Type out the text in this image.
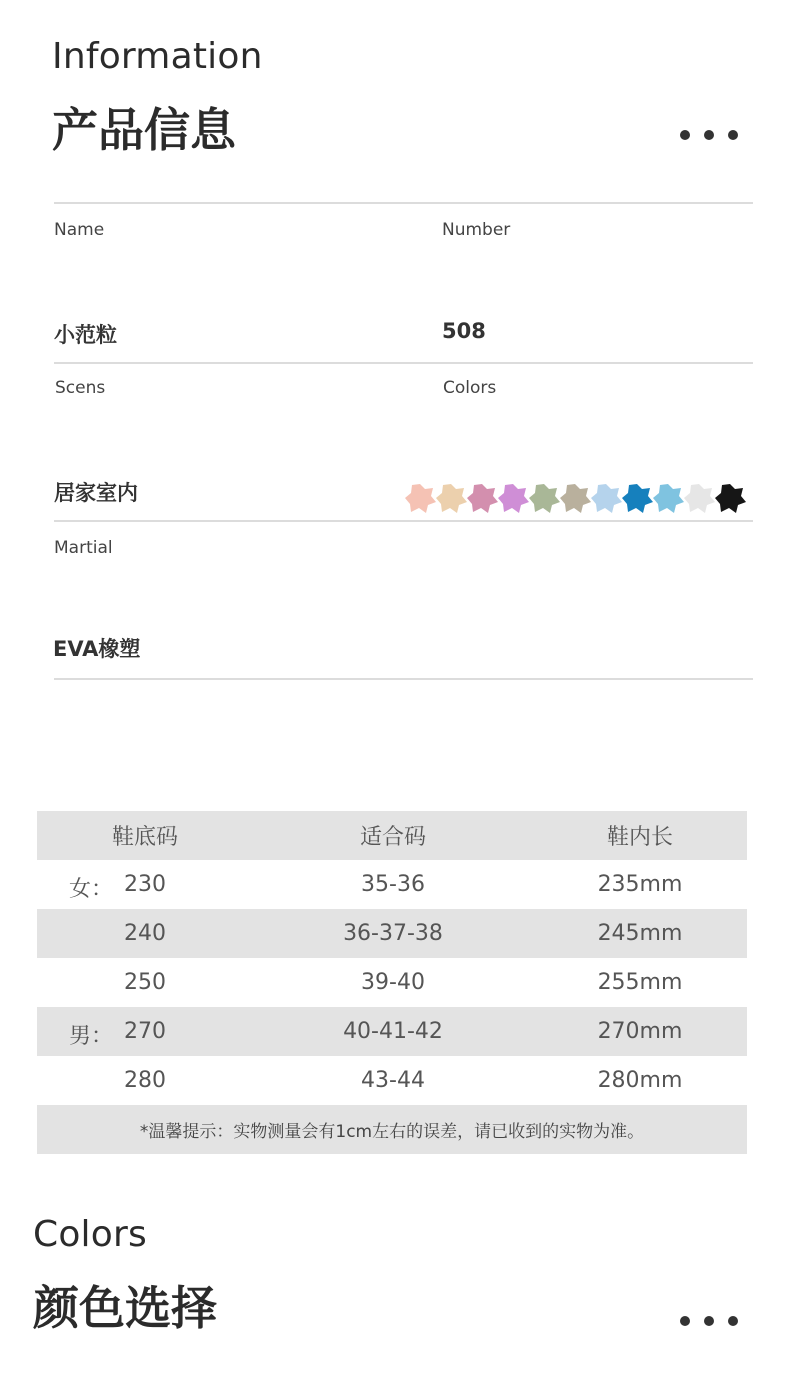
Information
产品信息
Name	Number
小范粒	508
Scens	Colors
居家室内
Martial
EVA橡塑
鞋底码	适合码	鞋内长
女： 230	35-36	235mm
240	36-37-38	245mm
250	39-40	255mm
男： 270	40-41-42	270mm
280	43-44	280mm
*温馨提示：实物测量会有1cm左右的误差，请已收到的实物为准。
Colors
颜色选择
